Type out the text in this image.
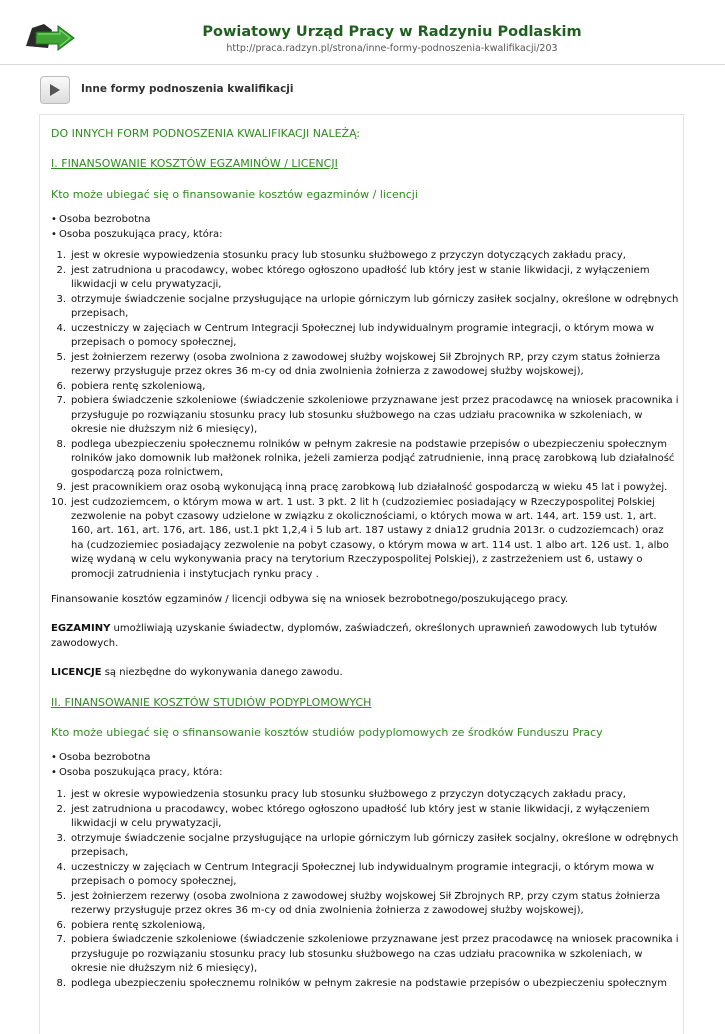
Powiatowy Urząd Pracy w Radzyniu Podlaskim
http://praca.radzyn.pl/strona/inne-formy-podnoszenia-kwalifikacji/203
Inne formy podnoszenia kwalifikacji
DO INNYCH FORM PODNOSZENIA KWALIFIKACJI NALEŻĄ:
I. FINANSOWANIE KOSZTÓW EGZAMINÓW / LICENCJI
Kto może ubiegać się o finansowanie kosztów egazminów / licencji
• Osoba bezrobotna
• Osoba poszukująca pracy, która:
1. jest w okresie wypowiedzenia stosunku pracy lub stosunku służbowego z przyczyn dotyczących zakładu pracy,
2. jest zatrudniona u pracodawcy, wobec którego ogłoszono upadłość lub który jest w stanie likwidacji, z wyłączeniem likwidacji w celu prywatyzacji,
3. otrzymuje świadczenie socjalne przysługujące na urlopie górniczym lub górniczy zasiłek socjalny, określone w odrębnych przepisach,
4. uczestniczy w zajęciach w Centrum Integracji Społecznej lub indywidualnym programie integracji, o którym mowa w przepisach o pomocy społecznej,
5. jest żołnierzem rezerwy (osoba zwolniona z zawodowej służby wojskowej Sił Zbrojnych RP, przy czym status żołnierza rezerwy przysługuje przez okres 36 m-cy od dnia zwolnienia żołnierza z zawodowej służby wojskowej),
6. pobiera rentę szkoleniową,
7. pobiera świadczenie szkoleniowe (świadczenie szkoleniowe przyznawane jest przez pracodawcę na wniosek pracownika i przysługuje po rozwiązaniu stosunku pracy lub stosunku służbowego na czas udziału pracownika w szkoleniach, w okresie nie dłuższym niż 6 miesięcy),
8. podlega ubezpieczeniu społecznemu rolników w pełnym zakresie na podstawie przepisów o ubezpieczeniu społecznym rolników jako domownik lub małżonek rolnika, jeżeli zamierza podjąć zatrudnienie, inną pracę zarobkową lub działalność gospodarczą poza rolnictwem,
9. jest pracownikiem oraz osobą wykonującą inną pracę zarobkową lub działalność gospodarczą w wieku 45 lat i powyżej.
10. jest cudzoziemcem, o którym mowa w art. 1 ust. 3 pkt. 2 lit h (cudzoziemiec posiadający w Rzeczypospolitej Polskiej zezwolenie na pobyt czasowy udzielone w związku z okolicznościami, o których mowa w art. 144, art. 159 ust. 1, art. 160, art. 161, art. 176, art. 186, ust.1 pkt 1,2,4 i 5 lub art. 187 ustawy z dnia12 grudnia 2013r. o cudzoziemcach) oraz ha (cudzoziemiec posiadający zezwolenie na pobyt czasowy, o którym mowa w art. 114 ust. 1 albo art. 126 ust. 1, albo wizę wydaną w celu wykonywania pracy na terytorium Rzeczypospolitej Polskiej), z zastrzeżeniem ust 6, ustawy o promocji zatrudnienia i instytucjach rynku pracy .
Finansowanie kosztów egzaminów / licencji odbywa się na wniosek bezrobotnego/poszukującego pracy.
EGZAMINY umożliwiają uzyskanie świadectw, dyplomów, zaświadczeń, określonych uprawnień zawodowych lub tytułów zawodowych.
LICENCJE są niezbędne do wykonywania danego zawodu.
II. FINANSOWANIE KOSZTÓW STUDIÓW PODYPLOMOWYCH
Kto może ubiegać się o sfinansowanie kosztów studiów podyplomowych ze środków Funduszu Pracy
• Osoba bezrobotna
• Osoba poszukująca pracy, która:
1. jest w okresie wypowiedzenia stosunku pracy lub stosunku służbowego z przyczyn dotyczących zakładu pracy,
2. jest zatrudniona u pracodawcy, wobec którego ogłoszono upadłość lub który jest w stanie likwidacji, z wyłączeniem likwidacji w celu prywatyzacji,
3. otrzymuje świadczenie socjalne przysługujące na urlopie górniczym lub górniczy zasiłek socjalny, określone w odrębnych przepisach,
4. uczestniczy w zajęciach w Centrum Integracji Społecznej lub indywidualnym programie integracji, o którym mowa w przepisach o pomocy społecznej,
5. jest żołnierzem rezerwy (osoba zwolniona z zawodowej służby wojskowej Sił Zbrojnych RP, przy czym status żołnierza rezerwy przysługuje przez okres 36 m-cy od dnia zwolnienia żołnierza z zawodowej służby wojskowej),
6. pobiera rentę szkoleniową,
7. pobiera świadczenie szkoleniowe (świadczenie szkoleniowe przyznawane jest przez pracodawcę na wniosek pracownika i przysługuje po rozwiązaniu stosunku pracy lub stosunku służbowego na czas udziału pracownika w szkoleniach, w okresie nie dłuższym niż 6 miesięcy),
8. podlega ubezpieczeniu społecznemu rolników w pełnym zakresie na podstawie przepisów o ubezpieczeniu społecznym
